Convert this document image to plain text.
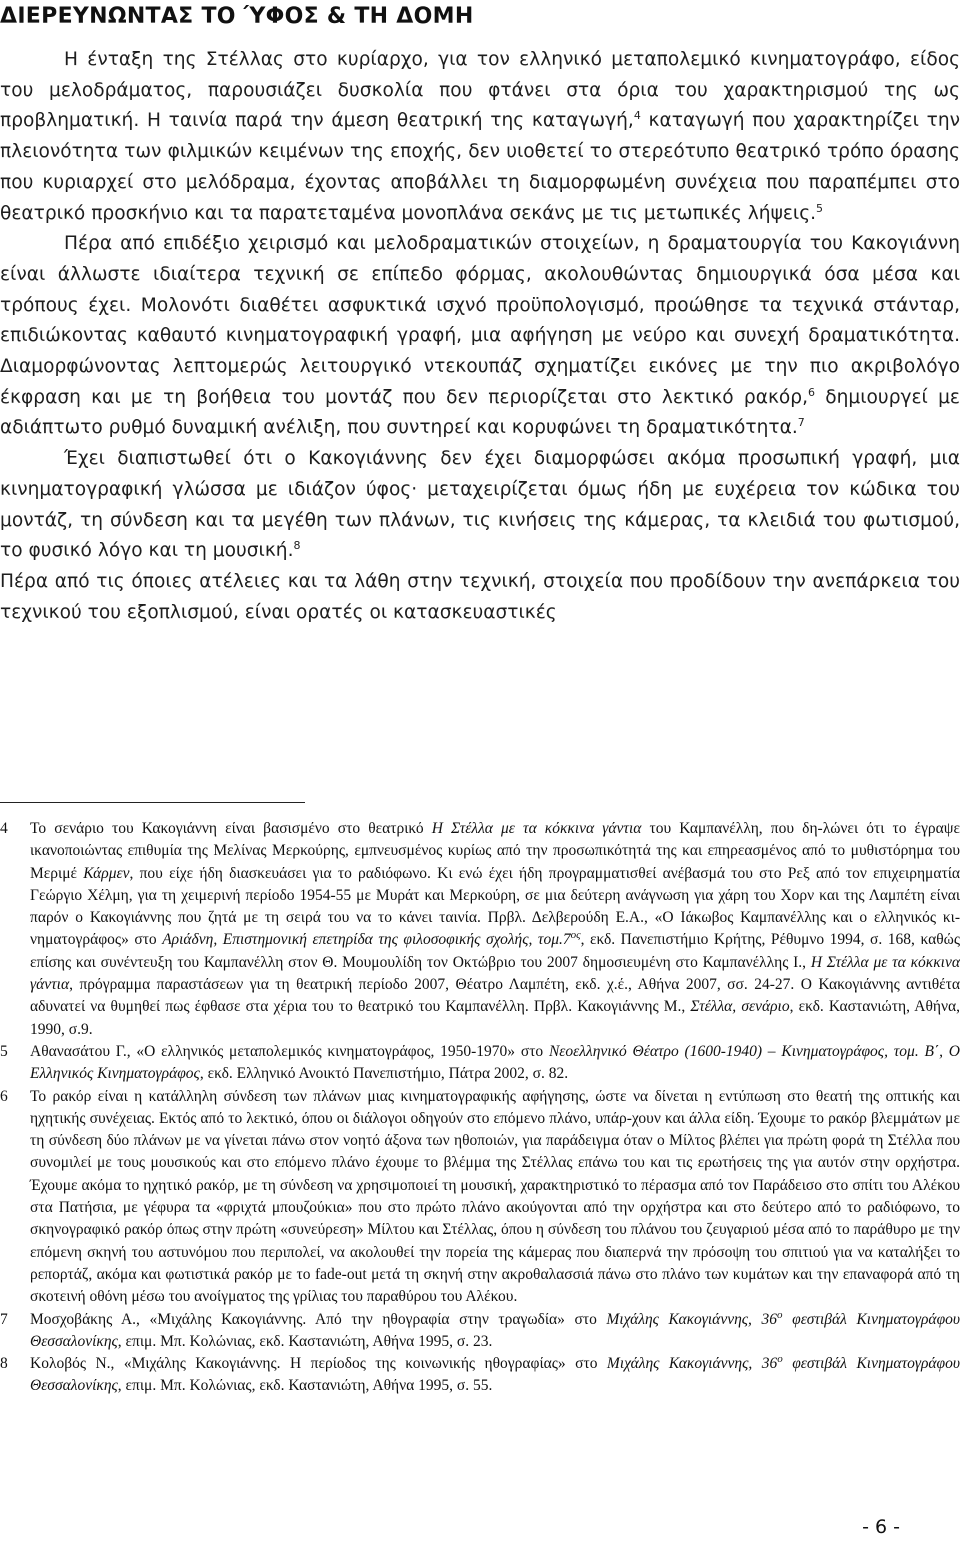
ΔΙΕΡΕΥΝΩΝΤΑΣ ΤΟ ΎΦΟΣ & ΤΗ ΔΟΜΗ

Η ένταξη της Στέλλας στο κυρίαρχο, για τον ελληνικό μεταπολεμικό κινηματογράφο, είδος του μελοδράματος, παρουσιάζει δυσκολία που φτάνει στα όρια του χαρακτηρισμού της ως προβληματική. Η ταινία παρά την άμεση θεατρική της καταγωγή,$^4$ καταγωγή που χαρακτηρίζει την πλειονότητα των φιλμικών κειμένων της εποχής, δεν υιοθετεί το στερεότυπο θεατρικό τρόπο όρασης που κυριαρχεί στο μελόδραμα, έχοντας αποβάλλει τη διαμορφωμένη συνέχεια που παραπέμπει στο θεατρικό προσκήνιο και τα παρατεταμένα μονοπλάνα σεκάνς με τις μετωπικές λήψεις.$^5$

Πέρα από επιδέξιο χειρισμό και μελοδραματικών στοιχείων, η δραματουργία του Κακογιάννη είναι άλλωστε ιδιαίτερα τεχνική σε επίπεδο φόρμας, ακολουθώντας δημιουργικά όσα μέσα και τρόπους έχει. Μολονότι διαθέτει ασφυκτικά ισχνό προϋπολογισμό, προώθησε τα τεχνικά στάνταρ, επιδιώκοντας καθαυτό κινηματογραφική γραφή, μια αφήγηση με νεύρο και συνεχή δραματικότητα. Διαμορφώνοντας λεπτομερώς λειτουργικό ντεκουπάζ σχηματίζει εικόνες με την πιο ακριβολόγο έκφραση και με τη βοήθεια του μοντάζ που δεν περιορίζεται στο λεκτικό ρακόρ,$^6$ δημιουργεί με αδιάπτωτο ρυθμό δυναμική ανέλιξη, που συντηρεί και κορυφώνει τη δραματικότητα.$^7$

Έχει διαπιστωθεί ότι ο Κακογιάννης δεν έχει διαμορφώσει ακόμα προσωπική γραφή, μια κινηματογραφική γλώσσα με ιδιάζον ύφος· μεταχειρίζεται όμως ήδη με ευχέρεια τον κώδικα του μοντάζ, τη σύνδεση και τα μεγέθη των πλάνων, τις κινήσεις της κάμερας, τα κλειδιά του φωτισμού, το φυσικό λόγο και τη μουσική.$^8$

Πέρα από τις όποιες ατέλειες και τα λάθη στην τεχνική, στοιχεία που προδίδουν την ανεπάρκεια του τεχνικού του εξοπλισμού, είναι ορατές οι κατασκευαστικές

4	Το σενάριο του Κακογιάννη είναι βασισμένο στο θεατρικό Η Στέλλα με τα κόκκινα γάντια του Καμπανέλλη, που δη-λώνει ότι το έγραψε ικανοποιώντας επιθυμία της Μελίνας Μερκούρης, εμπνευσμένος κυρίως από την προσωπικότητά της και επηρεασμένος από το μυθιστόρημα του Μεριμέ Κάρμεν, που είχε ήδη διασκευάσει για το ραδιόφωνο. Κι ενώ έχει ήδη προγραμματισθεί ανέβασμά του στο Ρεξ από τον επιχειρηματία Γεώργιο Χέλμη, για τη χειμερινή περίοδο 1954-55 με Μυράτ και Μερκούρη, σε μια δεύτερη ανάγνωση για χάρη του Χορν και της Λαμπέτη είναι παρόν ο Κακογιάννης που ζητά με τη σειρά του να το κάνει ταινία. Πρβλ. Δελβερούδη Ε.Α., «Ο Ιάκωβος Καμπανέλλης και ο ελληνικός κι-νηματογράφος» στο Αριάδνη, Επιστημονική επετηρίδα της φιλοσοφικής σχολής, $\tau o\mu.7^{o\varsigma}$, εκδ. Πανεπιστήμιο Κρήτης, Ρέθυμνο 1994, σ. 168, καθώς επίσης και συνέντευξη του Καμπανέλλη στον Θ. Μουμουλίδη τον Οκτώβριο του 2007 δημοσιευμένη στο Καμπανέλλης Ι., Η Στέλλα με τα κόκκινα γάντια, πρόγραμμα παραστάσεων για τη θεατρική περίοδο 2007, Θέατρο Λαμπέτη, εκδ. χ.έ., Αθήνα 2007, σσ. 24-27. Ο Κακογιάννης αντιθέτα αδυνατεί να θυμηθεί πως έφθασε στα χέρια του το θεατρικό του Καμπανέλλη. Πρβλ. Κακογιάννης Μ., Στέλλα, σενάριο, εκδ. Καστανιώτη, Αθήνα, 1990, σ.9.
5	Αθανασάτου Γ., «Ο ελληνικός μεταπολεμικός κινηματογράφος, 1950-1970» στο Νεοελληνικό Θέατρο (1600-1940) – Κινηματογράφος, τομ. Β΄, Ο Ελληνικός Κινηματογράφος, εκδ. Ελληνικό Ανοικτό Πανεπιστήμιο, Πάτρα 2002, σ. 82.
6	Το ρακόρ είναι η κατάλληλη σύνδεση των πλάνων μιας κινηματογραφικής αφήγησης, ώστε να δίνεται η εντύπωση στο θεατή της οπτικής και ηχητικής συνέχειας. Εκτός από το λεκτικό, όπου οι διάλογοι οδηγούν στο επόμενο πλάνο, υπάρ-χουν και άλλα είδη. Έχουμε το ρακόρ βλεμμάτων με τη σύνδεση δύο πλάνων με να γίνεται πάνω στον νοητό άξονα των ηθοποιών, για παράδειγμα όταν ο Μίλτος βλέπει για πρώτη φορά τη Στέλλα που συνομιλεί με τους μουσικούς και στο επόμενο πλάνο έχουμε το βλέμμα της Στέλλας επάνω του και τις ερωτήσεις της για αυτόν στην ορχήστρα. Έχουμε ακόμα το ηχητικό ρακόρ, με τη σύνδεση να χρησιμοποιεί τη μουσική, χαρακτηριστικό το πέρασμα από τον Παράδεισο στο σπίτι του Αλέκου στα Πατήσια, με γέφυρα τα «φριχτά μπουζούκια» που στο πρώτο πλάνο ακούγονται από την ορχήστρα και στο δεύτερο από το ραδιόφωνο, το σκηνογραφικό ρακόρ όπως στην πρώτη «συνεύρεση» Μίλτου και Στέλλας, όπου η σύνδεση του πλάνου του ζευγαριού μέσα από το παράθυρο με την επόμενη σκηνή του αστυνόμου που περιπολεί, να ακολουθεί την πορεία της κάμερας που διαπερνά την πρόσοψη του σπιτιού για να καταλήξει το ρεπορτάζ, ακόμα και φωτιστικά ρακόρ με το fade-out μετά τη σκηνή στην ακροθαλασσιά πάνω στο πλάνο των κυμάτων και την επαναφορά από τη σκοτεινή οθόνη μέσω του ανοίγματος της γρίλιας του παραθύρου του Αλέκου.
7	Μοσχοβάκης Α., «Μιχάλης Κακογιάννης. Από την ηθογραφία στην τραγωδία» στο Μιχάλης Κακογιάννης, $36^o$ φεστιβάλ Κινηματογράφου Θεσσαλονίκης, επιμ. Μπ. Κολώνιας, εκδ. Καστανιώτη, Αθήνα 1995, σ. 23.
8	Κολοβός Ν., «Μιχάλης Κακογιάννης. Η περίοδος της κοινωνικής ηθογραφίας» στο Μιχάλης Κακογιάννης, $36^o$ φεστιβάλ Κινηματογράφου Θεσσαλονίκης, επιμ. Μπ. Κολώνιας, εκδ. Καστανιώτη, Αθήνα 1995, σ. 55.
- 6 -
